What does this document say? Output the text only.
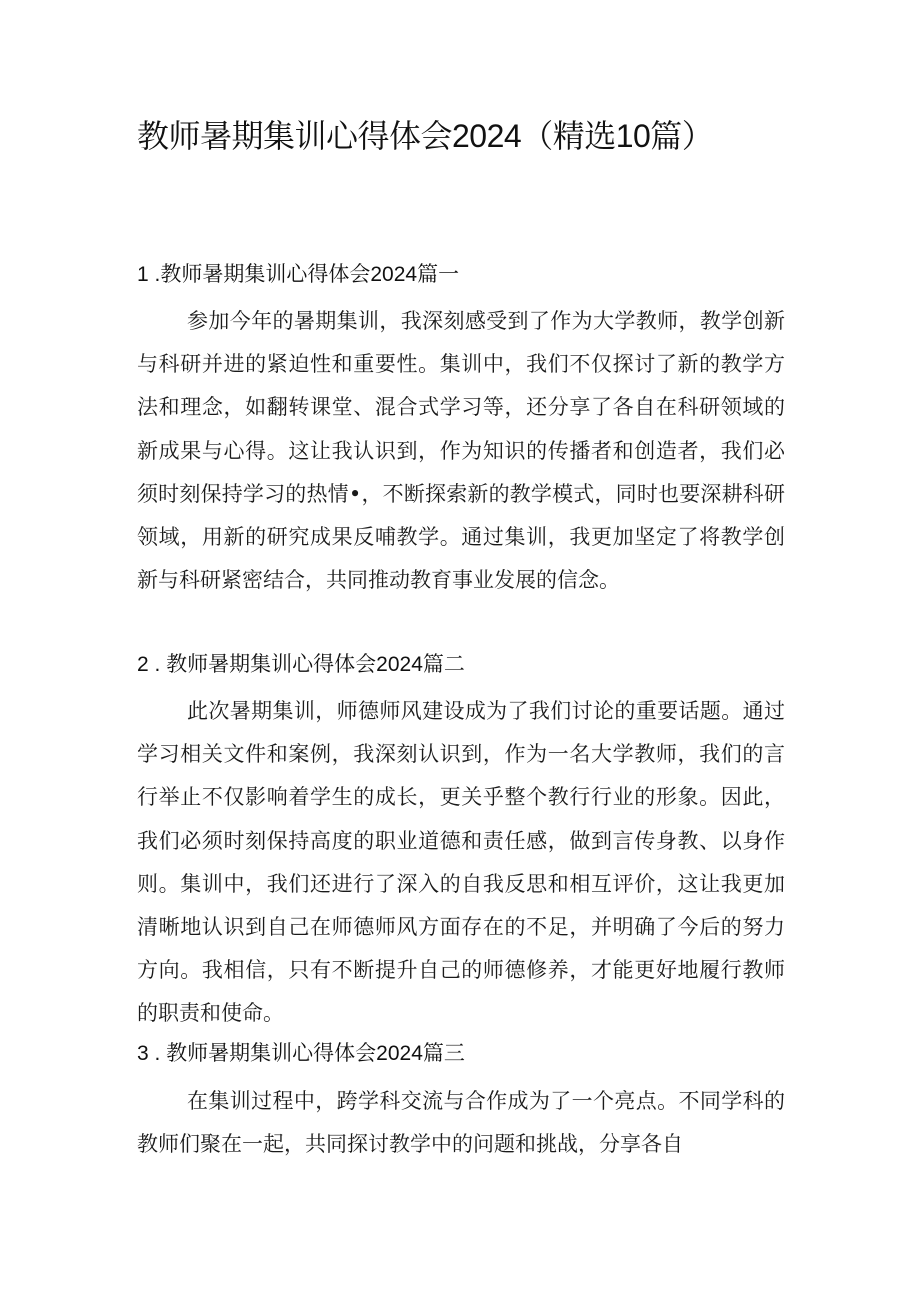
教师暑期集训心得体会2024（精选10篇）
1 .教师暑期集训心得体会2024篇一

参加今年的暑期集训，我深刻感受到了作为大学教师，教学创新与科研并进的紧迫性和重要性。集训中，我们不仅探讨了新的教学方法和理念，如翻转课堂、混合式学习等，还分享了各自在科研领域的新成果与心得。这让我认识到，作为知识的传播者和创造者，我们必须时刻保持学习的热情•，不断探索新的教学模式，同时也要深耕科研领域，用新的研究成果反哺教学。通过集训，我更加坚定了将教学创新与科研紧密结合，共同推动教育事业发展的信念。

2 . 教师暑期集训心得体会2024篇二

此次暑期集训，师德师风建设成为了我们讨论的重要话题。通过学习相关文件和案例，我深刻认识到，作为一名大学教师，我们的言行举止不仅影响着学生的成长，更关乎整个教行行业的形象。因此，我们必须时刻保持高度的职业道德和责任感，做到言传身教、以身作则。集训中，我们还进行了深入的自我反思和相互评价，这让我更加清晰地认识到自己在师德师风方面存在的不足，并明确了今后的努力方向。我相信，只有不断提升自己的师德修养，才能更好地履行教师的职责和使命。

3 . 教师暑期集训心得体会2024篇三

在集训过程中，跨学科交流与合作成为了一个亮点。不同学科的教师们聚在一起，共同探讨教学中的问题和挑战，分享各自
